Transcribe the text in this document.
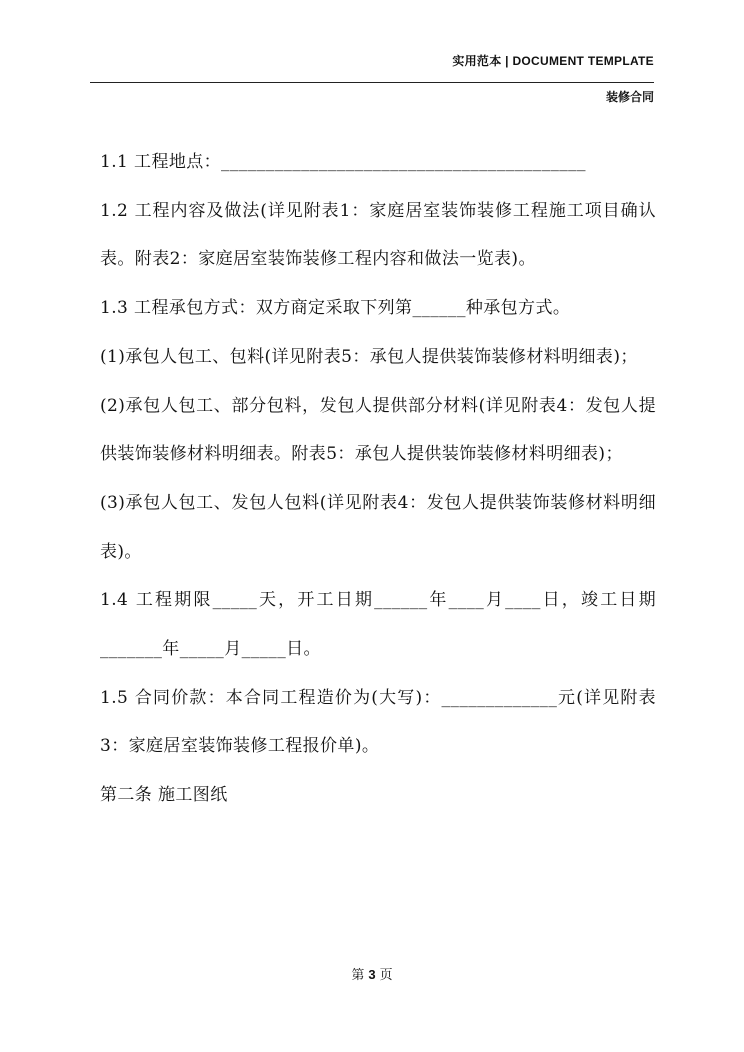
实用范本 | DOCUMENT TEMPLATE
装修合同

1.1 工程地点：_________________________________________

1.2 工程内容及做法(详见附表1：家庭居室装饰装修工程施工项目确认表。附表2：家庭居室装饰装修工程内容和做法一览表)。

1.3 工程承包方式：双方商定采取下列第______种承包方式。

(1)承包人包工、包料(详见附表5：承包人提供装饰装修材料明细表)；

(2)承包人包工、部分包料，发包人提供部分材料(详见附表4：发包人提供装饰装修材料明细表。附表5：承包人提供装饰装修材料明细表)；

(3)承包人包工、发包人包料(详见附表4：发包人提供装饰装修材料明细表)。

1.4 工程期限_____天，开工日期______年____月____日，竣工日期_______年_____月_____日。

1.5 合同价款：本合同工程造价为(大写)：_____________元(详见附表3：家庭居室装饰装修工程报价单)。

第二条 施工图纸

第 3 页
